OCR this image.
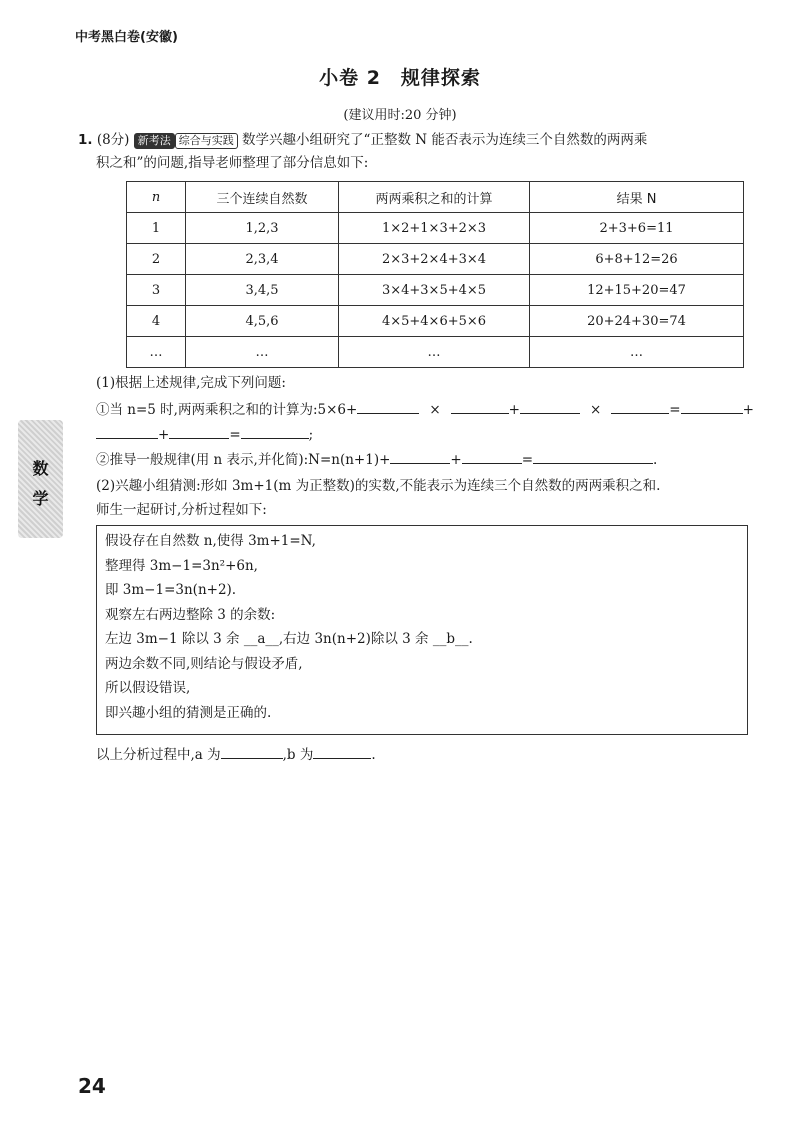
中考黑白卷(安徽)
小卷 2　规律探索
(建议用时:20 分钟)
1. (8分) 新考法 综合与实践 数学兴趣小组研究了“正整数 N 能否表示为连续三个自然数的两两乘
积之和”的问题,指导老师整理了部分信息如下:
n	三个连续自然数	两两乘积之和的计算	结果 N
1	1,2,3	1×2+1×3+2×3	2+3+6=11
2	2,3,4	2×3+2×4+3×4	6+8+12=26
3	3,4,5	3×4+3×5+4×5	12+15+20=47
4	4,5,6	4×5+4×6+5×6	20+24+30=74
…	…	…	…
(1)根据上述规律,完成下列问题:
①当 n=5 时,两两乘积之和的计算为:5×6+	×	+	×	=	+
+	=	;
②推导一般规律(用 n 表示,并化简):N=n(n+1)+	+	=	.
(2)兴趣小组猜测:形如 3m+1(m 为正整数)的实数,不能表示为连续三个自然数的两两乘积之和.
师生一起研讨,分析过程如下:
假设存在自然数 n,使得 3m+1=N,
整理得 3m−1=3n²+6n,
即 3m−1=3n(n+2).
观察左右两边整除 3 的余数:
左边 3m−1 除以 3 余 __a__,右边 3n(n+2)除以 3 余 __b__.
两边余数不同,则结论与假设矛盾,
所以假设错误,
即兴趣小组的猜测是正确的.
以上分析过程中,a 为	,b 为	.
数
学
24
